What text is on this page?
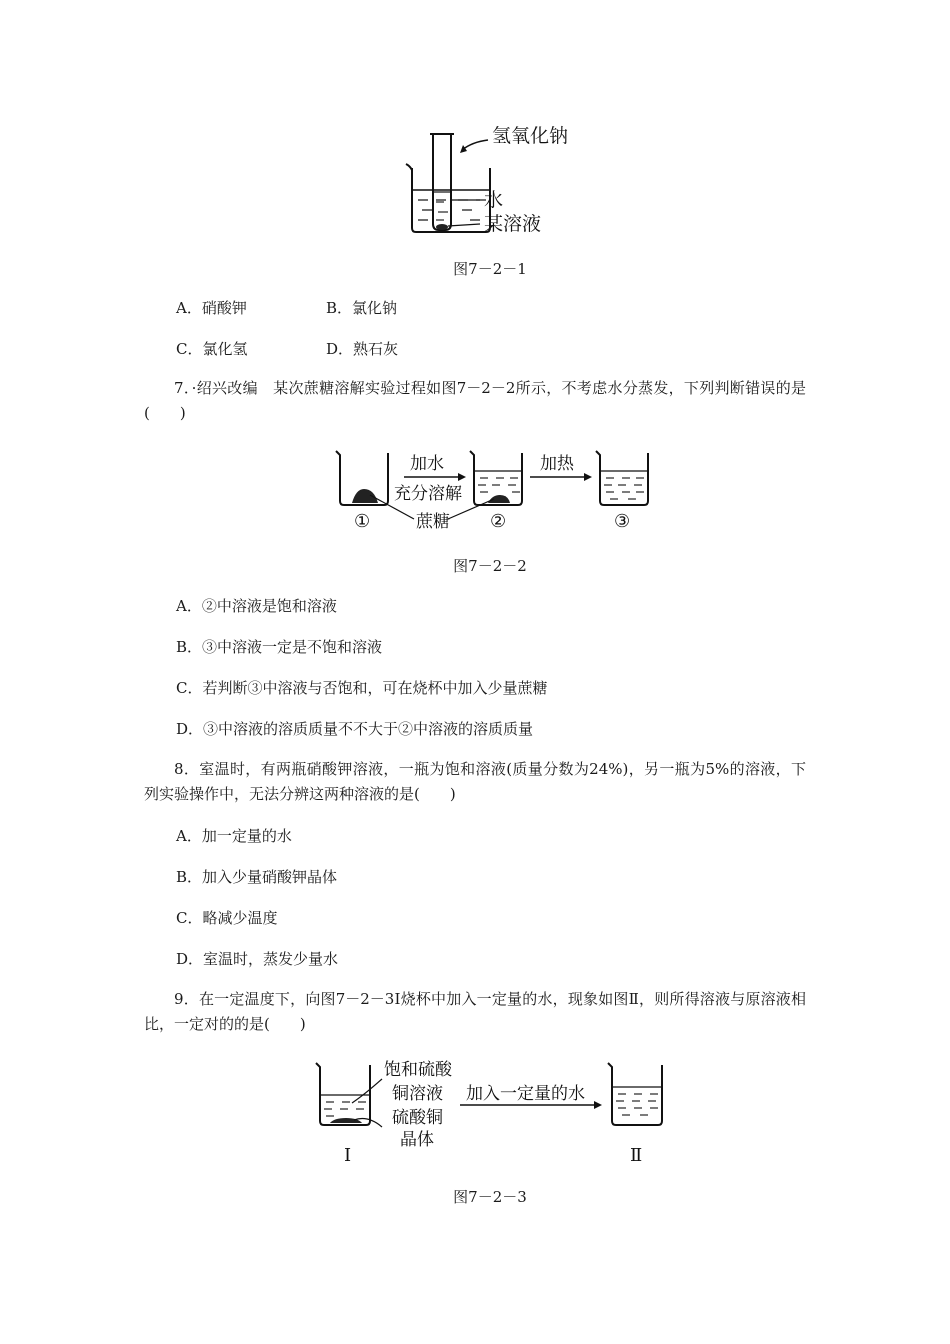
氢氧化钠
水
某溶液
图7－2－1
A．硝酸钾	B．氯化钠
C．氯化氢	D．熟石灰
7．·绍兴改编　某次蔗糖溶解实验过程如图7－2－2所示，不考虑水分蒸发，下列判断错误的是(　　)
加水
充分溶解
加热
蔗糖
①	②	③
图7－2－2
A．②中溶液是饱和溶液
B．③中溶液一定是不饱和溶液
C．若判断③中溶液与否饱和，可在烧杯中加入少量蔗糖
D．③中溶液的溶质质量不不大于②中溶液的溶质质量
8．室温时，有两瓶硝酸钾溶液，一瓶为饱和溶液(质量分数为24%)，另一瓶为5%的溶液，下列实验操作中，无法分辨这两种溶液的是(　　)
A．加一定量的水
B．加入少量硝酸钾晶体
C．略减少温度
D．室温时，蒸发少量水
9．在一定温度下，向图7－2－3Ⅰ烧杯中加入一定量的水，现象如图Ⅱ，则所得溶液与原溶液相比，一定对的的是(　　)
饱和硫酸
铜溶液
硫酸铜
晶体
加入一定量的水
Ⅰ	Ⅱ
图7－2－3
